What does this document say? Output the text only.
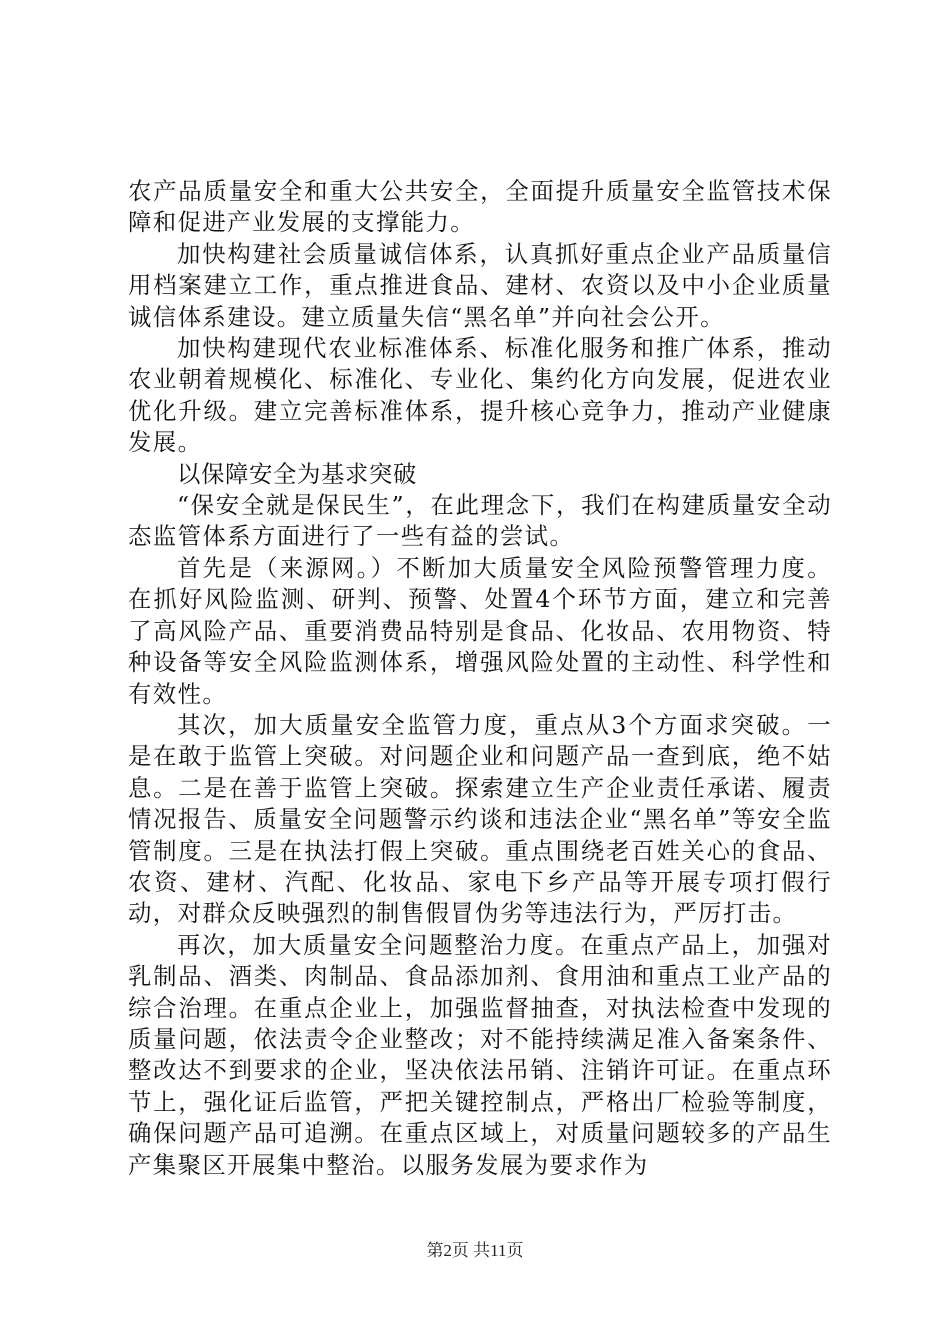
农产品质量安全和重大公共安全，全面提升质量安全监管技术保障和促进产业发展的支撑能力。

加快构建社会质量诚信体系，认真抓好重点企业产品质量信用档案建立工作，重点推进食品、建材、农资以及中小企业质量诚信体系建设。建立质量失信“黑名单”并向社会公开。

加快构建现代农业标准体系、标准化服务和推广体系，推动农业朝着规模化、标准化、专业化、集约化方向发展，促进农业优化升级。建立完善标准体系，提升核心竞争力，推动产业健康发展。

以保障安全为基求突破

“保安全就是保民生”，在此理念下，我们在构建质量安全动态监管体系方面进行了一些有益的尝试。

首先是（来源网。）不断加大质量安全风险预警管理力度。在抓好风险监测、研判、预警、处置4个环节方面，建立和完善了高风险产品、重要消费品特别是食品、化妆品、农用物资、特种设备等安全风险监测体系，增强风险处置的主动性、科学性和有效性。

其次，加大质量安全监管力度，重点从3个方面求突破。一是在敢于监管上突破。对问题企业和问题产品一查到底，绝不姑息。二是在善于监管上突破。探索建立生产企业责任承诺、履责情况报告、质量安全问题警示约谈和违法企业“黑名单”等安全监管制度。三是在执法打假上突破。重点围绕老百姓关心的食品、农资、建材、汽配、化妆品、家电下乡产品等开展专项打假行动，对群众反映强烈的制售假冒伪劣等违法行为，严厉打击。

再次，加大质量安全问题整治力度。在重点产品上，加强对乳制品、酒类、肉制品、食品添加剂、食用油和重点工业产品的综合治理。在重点企业上，加强监督抽查，对执法检查中发现的质量问题，依法责令企业整改；对不能持续满足准入备案条件、整改达不到要求的企业，坚决依法吊销、注销许可证。在重点环节上，强化证后监管，严把关键控制点，严格出厂检验等制度，确保问题产品可追溯。在重点区域上，对质量问题较多的产品生产集聚区开展集中整治。以服务发展为要求作为

第2页 共11页
